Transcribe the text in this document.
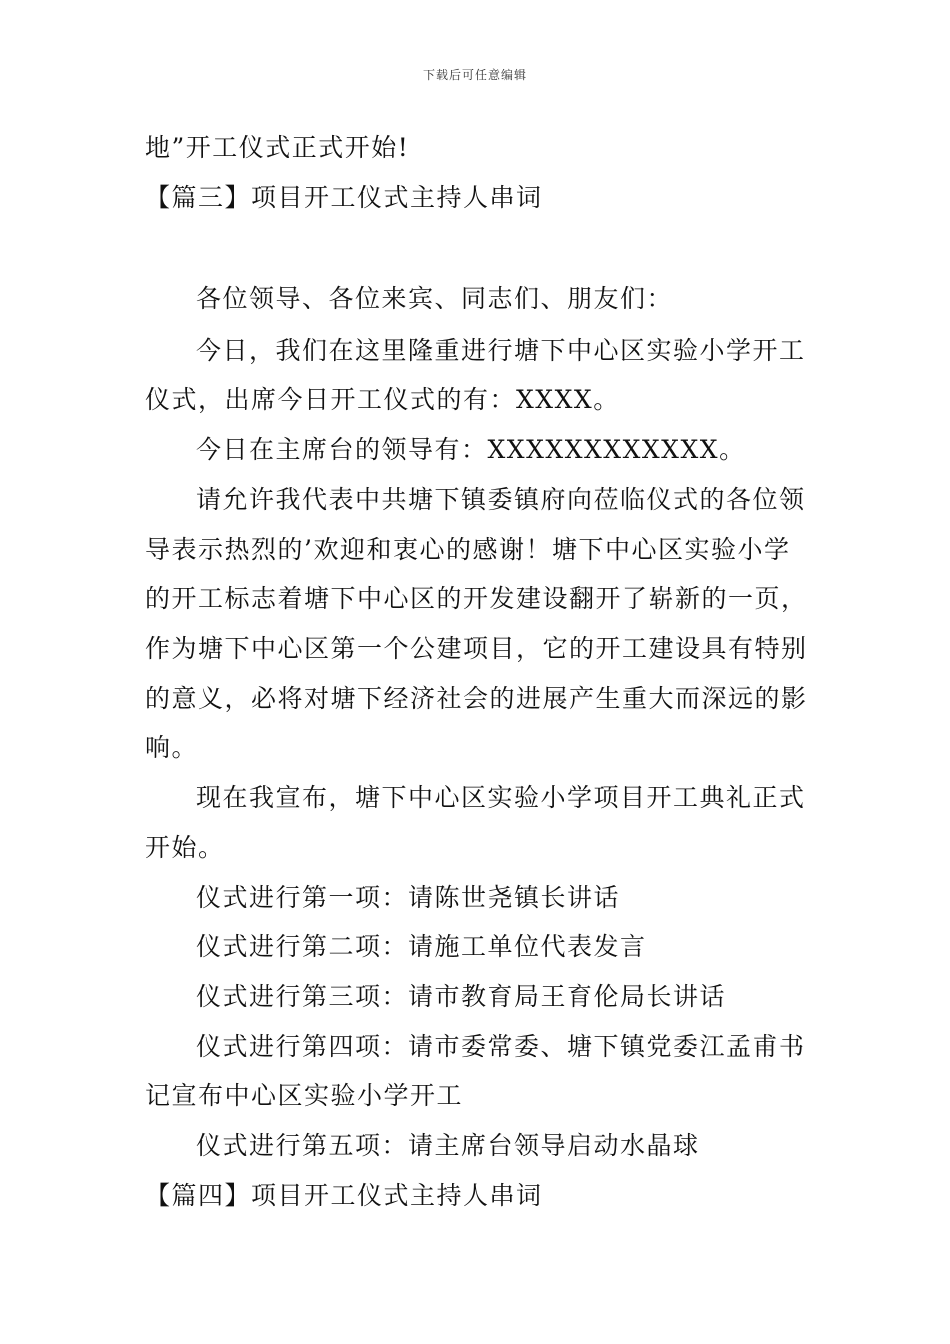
下载后可任意编辑
地”开工仪式正式开始!
【篇三】项目开工仪式主持人串词
各位领导、各位来宾、同志们、朋友们：
今日，我们在这里隆重进行塘下中心区实验小学开工
仪式，出席今日开工仪式的有：XXXX。
今日在主席台的领导有：XXXXXXXXXXXX。
请允许我代表中共塘下镇委镇府向莅临仪式的各位领
导表示热烈的’欢迎和衷心的感谢！塘下中心区实验小学
的开工标志着塘下中心区的开发建设翻开了崭新的一页，
作为塘下中心区第一个公建项目，它的开工建设具有特别
的意义，必将对塘下经济社会的进展产生重大而深远的影
响。
现在我宣布，塘下中心区实验小学项目开工典礼正式
开始。
仪式进行第一项：请陈世尧镇长讲话
仪式进行第二项：请施工单位代表发言
仪式进行第三项：请市教育局王育伦局长讲话
仪式进行第四项：请市委常委、塘下镇党委江孟甫书
记宣布中心区实验小学开工
仪式进行第五项：请主席台领导启动水晶球
【篇四】项目开工仪式主持人串词
